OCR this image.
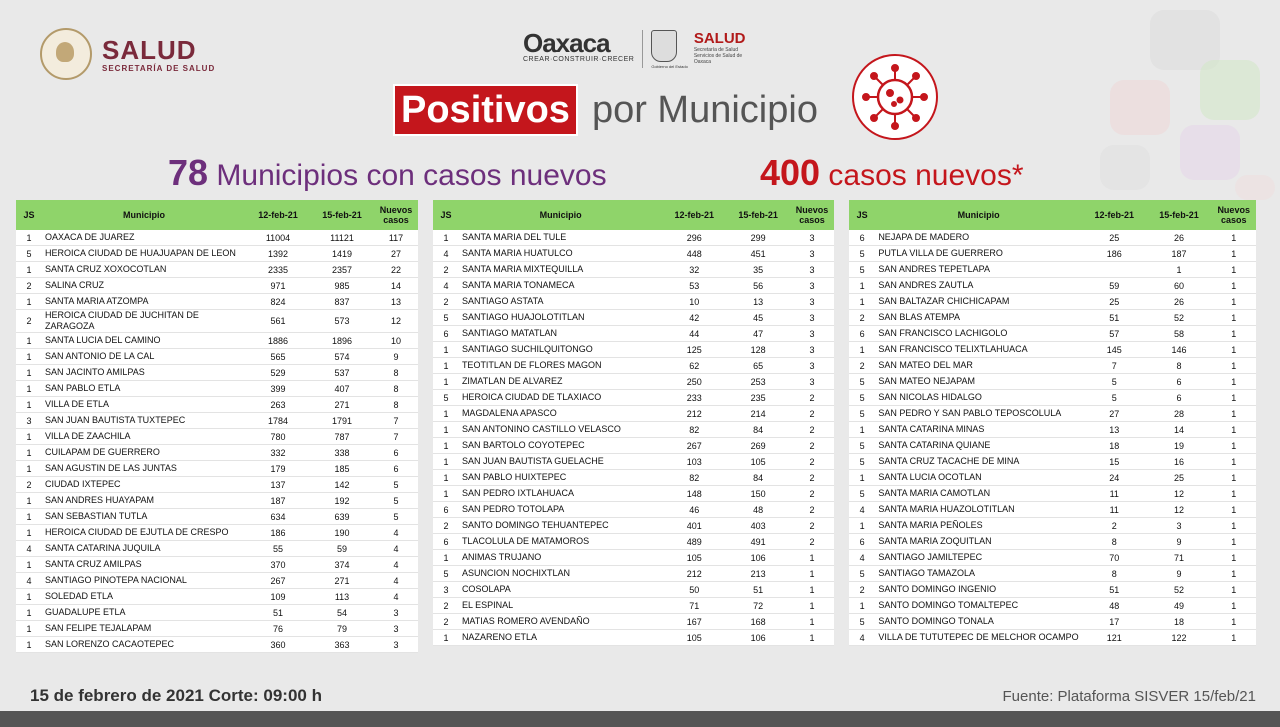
SALUD
SECRETARÍA DE SALUD
Oaxaca
CREAR·CONSTRUIR·CRECER
Gobierno del Estado
SALUD
Secretaría de Salud Servicios de Salud de Oaxaca
Positivos por Municipio
78 Municipios con casos nuevos	400 casos nuevos*
JS	Municipio	12-feb-21	15-feb-21	Nuevos casos
1	OAXACA DE JUAREZ	11004	11121	117
5	HEROICA CIUDAD DE HUAJUAPAN DE LEON	1392	1419	27
1	SANTA CRUZ XOXOCOTLAN	2335	2357	22
2	SALINA CRUZ	971	985	14
1	SANTA MARIA ATZOMPA	824	837	13
2	HEROICA CIUDAD DE JUCHITAN DE ZARAGOZA	561	573	12
1	SANTA LUCIA DEL CAMINO	1886	1896	10
1	SAN ANTONIO DE LA CAL	565	574	9
1	SAN JACINTO AMILPAS	529	537	8
1	SAN PABLO ETLA	399	407	8
1	VILLA DE ETLA	263	271	8
3	SAN JUAN BAUTISTA TUXTEPEC	1784	1791	7
1	VILLA DE ZAACHILA	780	787	7
1	CUILAPAM DE GUERRERO	332	338	6
1	SAN AGUSTIN DE LAS JUNTAS	179	185	6
2	CIUDAD IXTEPEC	137	142	5
1	SAN ANDRES HUAYAPAM	187	192	5
1	SAN SEBASTIAN TUTLA	634	639	5
1	HEROICA CIUDAD DE EJUTLA DE CRESPO	186	190	4
4	SANTA CATARINA JUQUILA	55	59	4
1	SANTA CRUZ AMILPAS	370	374	4
4	SANTIAGO PINOTEPA NACIONAL	267	271	4
1	SOLEDAD ETLA	109	113	4
1	GUADALUPE ETLA	51	54	3
1	SAN FELIPE TEJALAPAM	76	79	3
1	SAN LORENZO CACAOTEPEC	360	363	3
JS	Municipio	12-feb-21	15-feb-21	Nuevos casos
1	SANTA MARIA DEL TULE	296	299	3
4	SANTA MARIA HUATULCO	448	451	3
2	SANTA MARIA MIXTEQUILLA	32	35	3
4	SANTA MARIA TONAMECA	53	56	3
2	SANTIAGO ASTATA	10	13	3
5	SANTIAGO HUAJOLOTITLAN	42	45	3
6	SANTIAGO MATATLAN	44	47	3
1	SANTIAGO SUCHILQUITONGO	125	128	3
1	TEOTITLAN DE FLORES MAGON	62	65	3
1	ZIMATLAN DE ALVAREZ	250	253	3
5	HEROICA CIUDAD DE TLAXIACO	233	235	2
1	MAGDALENA APASCO	212	214	2
1	SAN ANTONINO CASTILLO VELASCO	82	84	2
1	SAN BARTOLO COYOTEPEC	267	269	2
1	SAN JUAN BAUTISTA GUELACHE	103	105	2
1	SAN PABLO HUIXTEPEC	82	84	2
1	SAN PEDRO IXTLAHUACA	148	150	2
6	SAN PEDRO TOTOLAPA	46	48	2
2	SANTO DOMINGO TEHUANTEPEC	401	403	2
6	TLACOLULA DE MATAMOROS	489	491	2
1	ANIMAS TRUJANO	105	106	1
5	ASUNCION NOCHIXTLAN	212	213	1
3	COSOLAPA	50	51	1
2	EL ESPINAL	71	72	1
2	MATIAS ROMERO AVENDAÑO	167	168	1
1	NAZARENO ETLA	105	106	1
JS	Municipio	12-feb-21	15-feb-21	Nuevos casos
6	NEJAPA DE MADERO	25	26	1
5	PUTLA VILLA DE GUERRERO	186	187	1
5	SAN ANDRES TEPETLAPA		1	1
1	SAN ANDRES ZAUTLA	59	60	1
1	SAN BALTAZAR CHICHICAPAM	25	26	1
2	SAN BLAS ATEMPA	51	52	1
6	SAN FRANCISCO LACHIGOLO	57	58	1
1	SAN FRANCISCO TELIXTLAHUACA	145	146	1
2	SAN MATEO DEL MAR	7	8	1
5	SAN MATEO NEJAPAM	5	6	1
5	SAN NICOLAS HIDALGO	5	6	1
5	SAN PEDRO Y SAN PABLO TEPOSCOLULA	27	28	1
1	SANTA CATARINA MINAS	13	14	1
5	SANTA CATARINA QUIANE	18	19	1
5	SANTA CRUZ TACACHE DE MINA	15	16	1
1	SANTA LUCIA OCOTLAN	24	25	1
5	SANTA MARIA CAMOTLAN	11	12	1
4	SANTA MARIA HUAZOLOTITLAN	11	12	1
1	SANTA MARIA PEÑOLES	2	3	1
6	SANTA MARIA ZOQUITLAN	8	9	1
4	SANTIAGO JAMILTEPEC	70	71	1
5	SANTIAGO TAMAZOLA	8	9	1
2	SANTO DOMINGO INGENIO	51	52	1
1	SANTO DOMINGO TOMALTEPEC	48	49	1
5	SANTO DOMINGO TONALA	17	18	1
4	VILLA DE TUTUTEPEC DE MELCHOR OCAMPO	121	122	1
15 de febrero de 2021 Corte: 09:00 h	Fuente: Plataforma SISVER 15/feb/21
